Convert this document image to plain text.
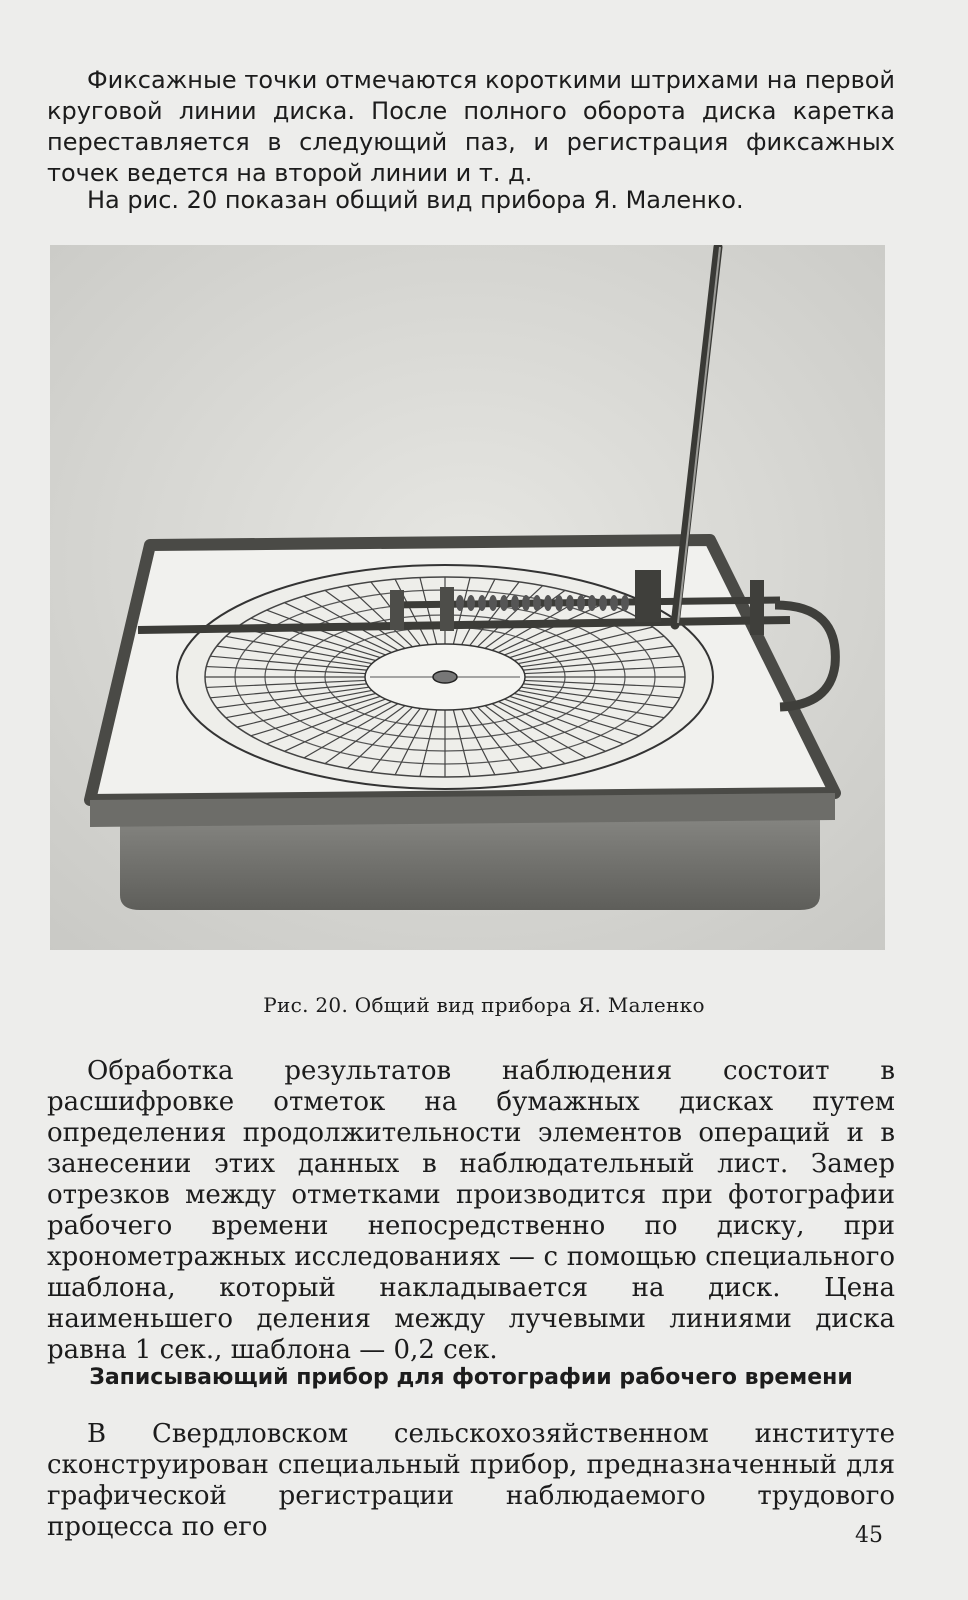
Фиксажные точки отмечаются короткими штрихами на первой круговой линии диска. После полного оборота диска каретка переставляется в следующий паз, и регистрация фиксажных точек ведется на второй линии и т. д.

На рис. 20 показан общий вид прибора Я. Маленко.

Рис. 20. Общий вид прибора Я. Маленко

Обработка результатов наблюдения состоит в расшифровке отметок на бумажных дисках путем определения продолжительности элементов операций и в занесении этих данных в наблюдательный лист. Замер отрезков между отметками производится при фотографии рабочего времени непосредственно по диску, при хронометражных исследованиях — с помощью специального шаблона, который накладывается на диск. Цена наименьшего деления между лучевыми линиями диска равна 1 сек., шаблона — 0,2 сек.

Записывающий прибор для фотографии рабочего времени

В Свердловском сельскохозяйственном институте сконструирован специальный прибор, предназначенный для графической регистрации наблюдаемого трудового процесса по его	45
